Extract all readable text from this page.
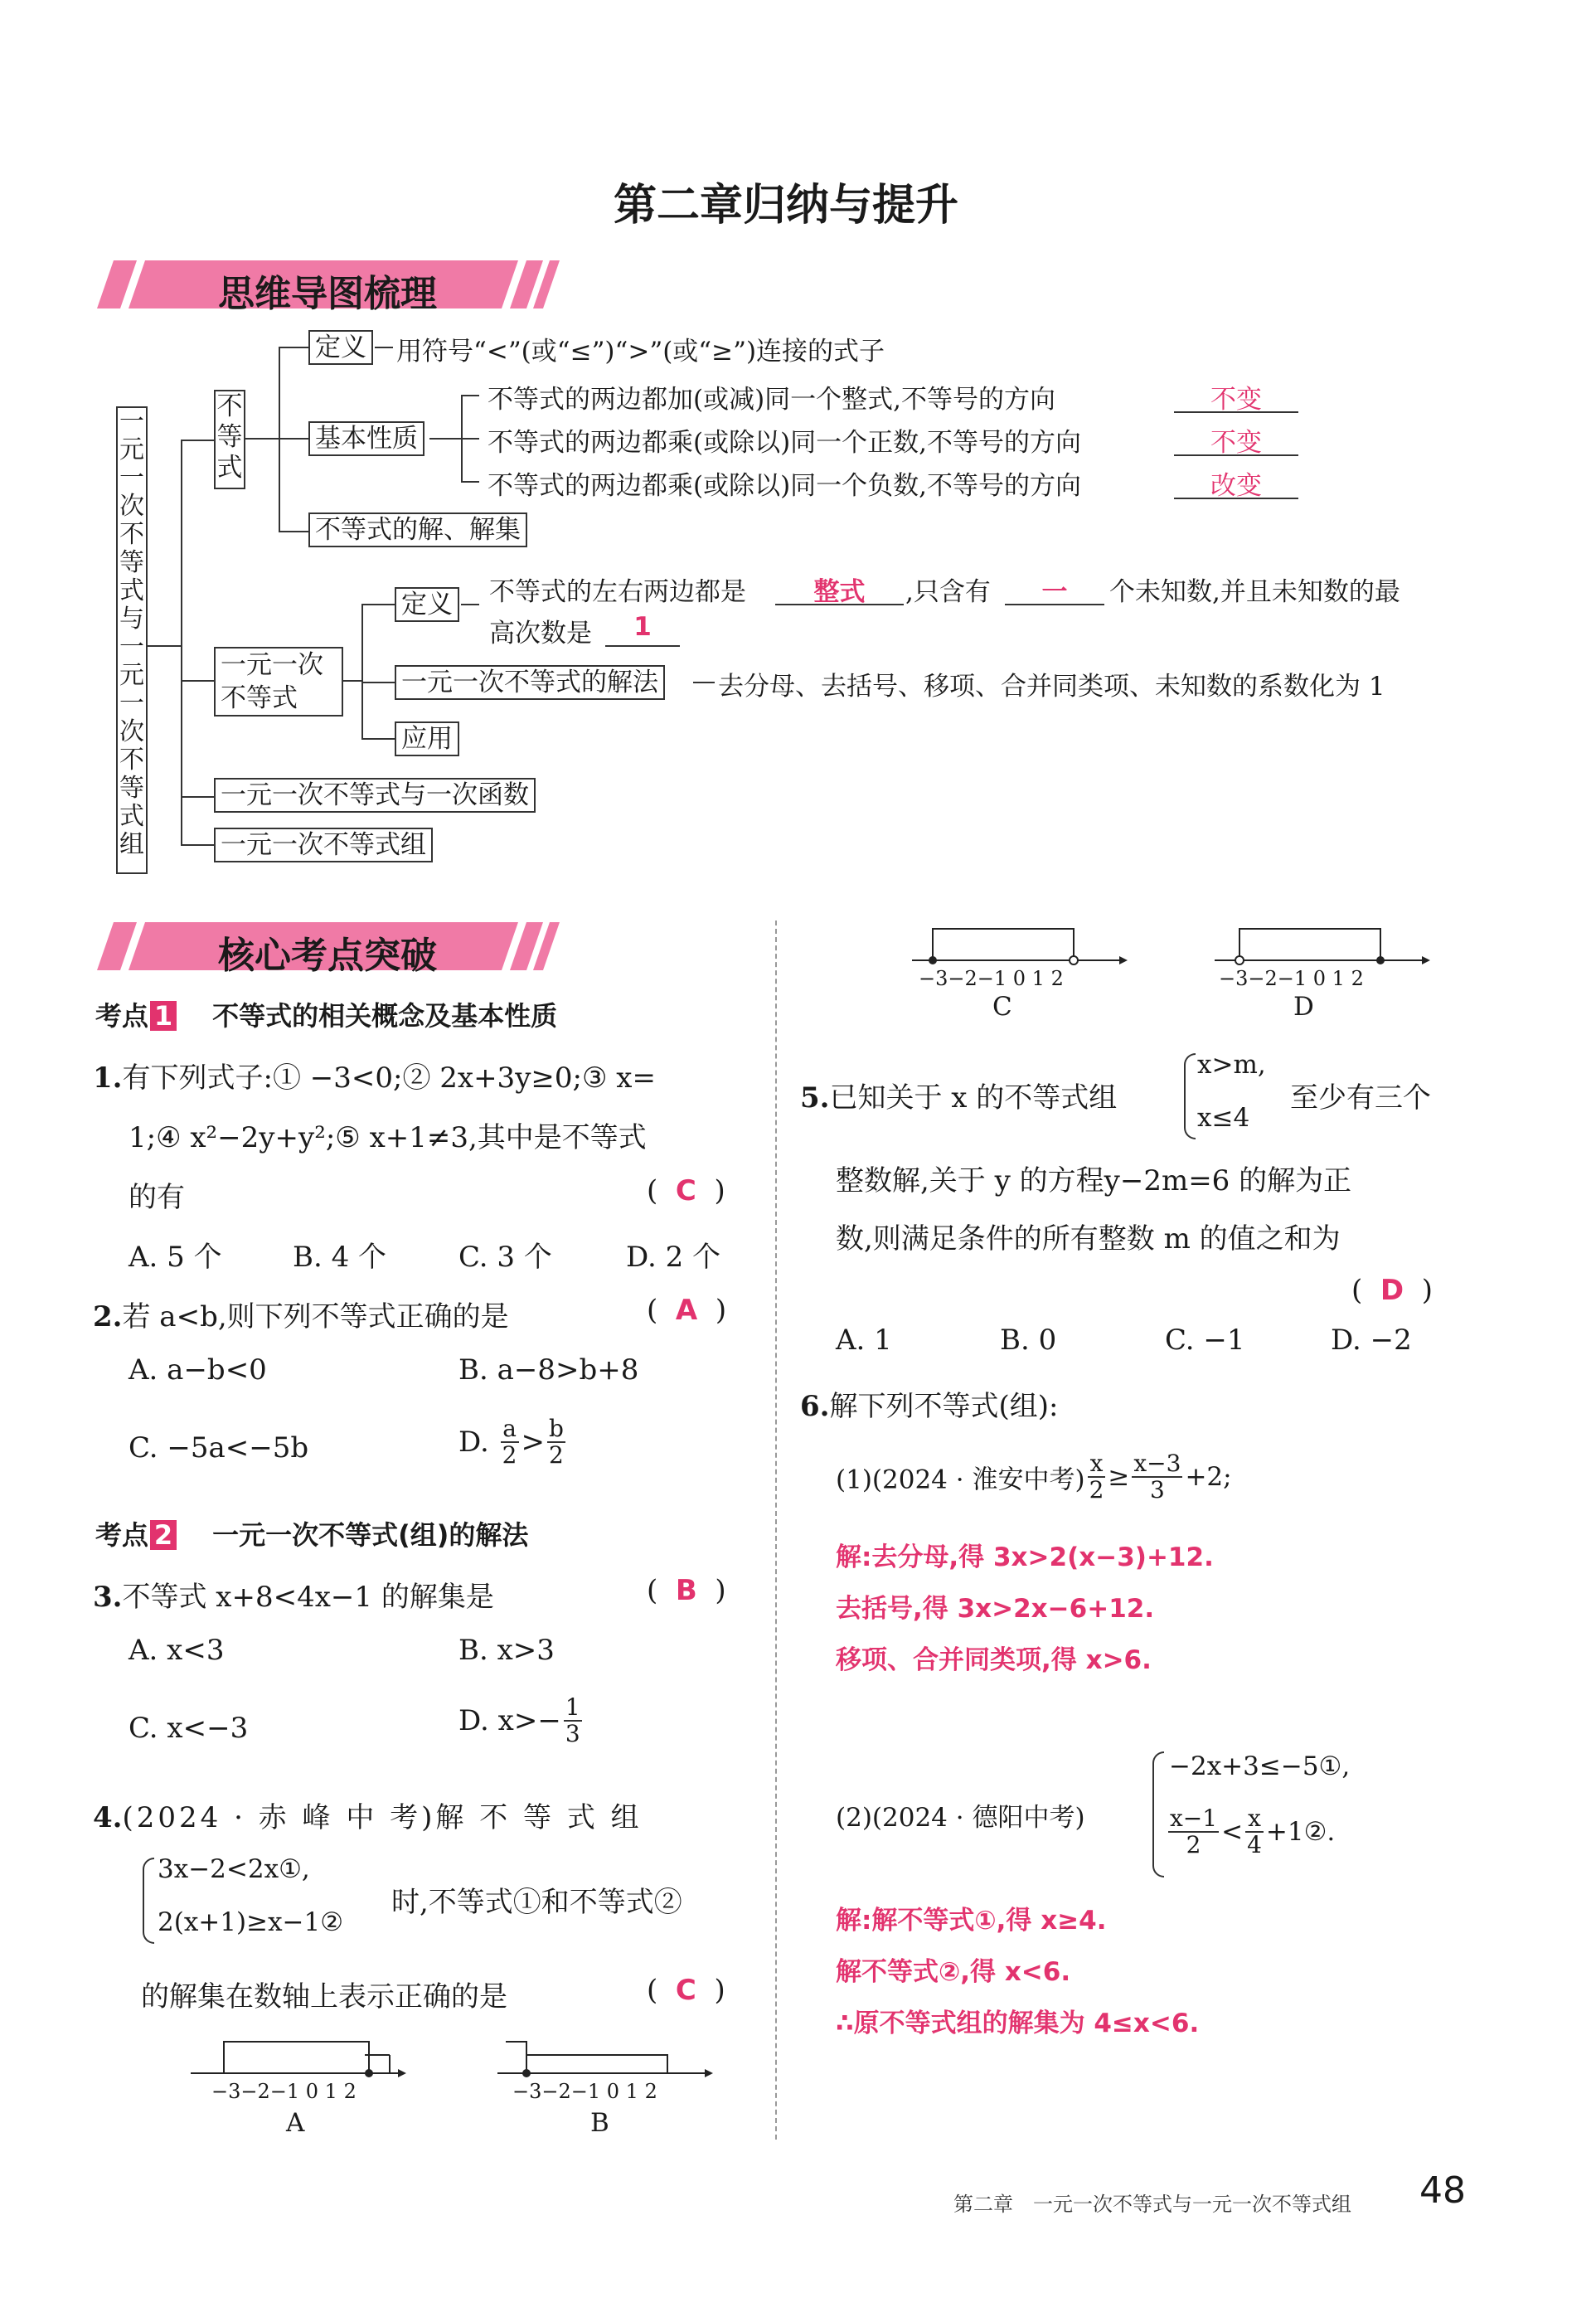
第二章归纳与提升
思维导图梳理
一元一次不等式与一元一次不等式组
不等式
定义 用符号“<”(或“≤”)“>”(或“≥”)连接的式子
基本性质
不等式的两边都加(或减)同一个整式,不等号的方向	不变
不等式的两边都乘(或除以)同一个正数,不等号的方向	不变
不等式的两边都乘(或除以)同一个负数,不等号的方向	改变
不等式的解、解集
一元一次不等式
定义 不等式的左右两边都是	整式	,只含有	一	个未知数,并且未知数的最
高次数是	1
一元一次不等式的解法 去分母、去括号、移项、合并同类项、未知数的系数化为 1
应用
一元一次不等式与一次函数
一元一次不等式组
核心考点突破
考点 1 不等式的相关概念及基本性质
1.有下列式子:① −3<0;② 2x+3y≥0;③ x=
1;④ x²−2y+y²;⑤ x+1≠3,其中是不等式
的有	(  C  )
A. 5 个	B. 4 个	C. 3 个	D. 2 个
2.若 a<b,则下列不等式正确的是	(  A  )
A. a−b<0	B. a−8>b+8
C. −5a<−5b	D. $\frac{a}{2} > \frac{b}{2}$
考点 2 一元一次不等式(组)的解法
3.不等式 x+8<4x−1 的解集是	(  B  )
A. x<3	B. x>3
C. x<−3	D. $x>- \frac{1}{3}$
4.(2024 · 赤 峰 中 考)解 不 等 式 组
3x−2<2x①,
2(x+1)≥x−1②
时,不等式①和不等式②
的解集在数轴上表示正确的是	(  C  )
−3−2−1 0 1 2
A
−3−2−1 0 1 2
B
−3−2−1 0 1 2
C
−3−2−1 0 1 2
D
5.已知关于 x 的不等式组
x>m,
x≤4
至少有三个
整数解,关于 y 的方程y−2m=6 的解为正
数,则满足条件的所有整数 m 的值之和为
(  D  )
A. 1	B. 0	C. −1	D. −2
6.解下列不等式(组):
(1)(2024 · 淮安中考) $\frac{x}{2} \ge \frac{x-3}{3} +2$;
解:去分母,得 3x>2(x−3)+12.
去括号,得 3x>2x−6+12.
移项、合并同类项,得 x>6.
(2)(2024 · 德阳中考)
−2x+3≤−5①,
$\frac{x-1}{2} < \frac{x}{4}$ +1②.
解:解不等式①,得 x≥4.
解不等式②,得 x<6.
∴原不等式组的解集为 4≤x<6.
第二章　一元一次不等式与一元一次不等式组 48
